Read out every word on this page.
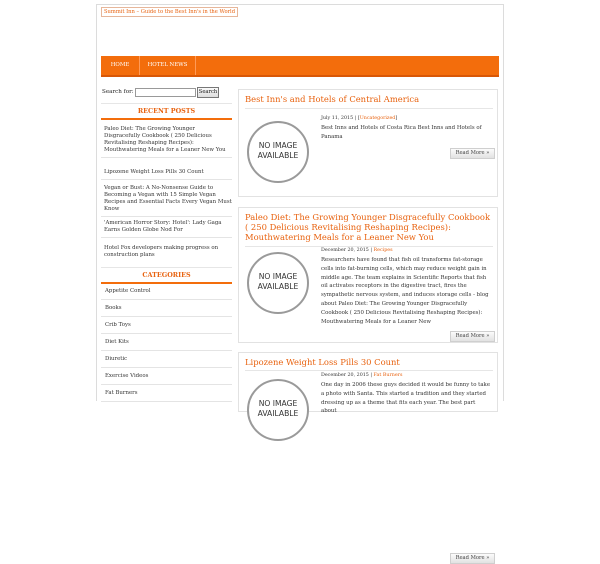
Summit Inn – Guide to the Best Inn's in the World
HOME	HOTEL NEWS
Search for:	Search
RECENT POSTS
Paleo Diet: The Growing Younger Disgracefully Cookbook ( 250 Delicious Revitalising Reshaping Recipes): Mouthwatering Meals for a Leaner New You
Lipozene Weight Loss Pills 30 Count
Vegan or Bust: A No-Nonsense Guide to Becoming a Vegan with 15 Simple Vegan Recipes and Essential Facts Every Vegan Must Know
'American Horror Story: Hotel': Lady Gaga Earns Golden Globe Nod For
Hotel Fox developers making progress on construction plans
CATEGORIES
Appetite Control
Books
Crib Toys
Diet Kits
Diuretic
Exercise Videos
Fat Burners
Best Inn's and Hotels of Central America
NO IMAGE
AVAILABLE
July 11, 2015 | [Uncategorized]
Best Inns and Hotels of Costa Rica Best Inns and Hotels of Panama
Read More »
Paleo Diet: The Growing Younger Disgracefully Cookbook ( 250 Delicious Revitalising Reshaping Recipes): Mouthwatering Meals for a Leaner New You
NO IMAGE
AVAILABLE
December 20, 2015 | Recipes
Researchers have found that fish oil transforms fat-storage cells into fat-burning cells, which may reduce weight gain in middle age. The team explains in Scientific Reports that fish oil activates receptors in the digestive tract, fires the sympathetic nervous system, and induces storage cells - blog about Paleo Diet: The Growing Younger Disgracefully Cookbook ( 250 Delicious Revitalising Reshaping Recipes): Mouthwatering Meals for a Leaner New
Read More »
Lipozene Weight Loss Pills 30 Count
NO IMAGE
AVAILABLE
December 20, 2015 | Fat Burners
One day in 2006 these guys decided it would be funny to take a photo with Santa. This started a tradition and they started dressing up as a theme that fits each year. The best part about
Read More »
